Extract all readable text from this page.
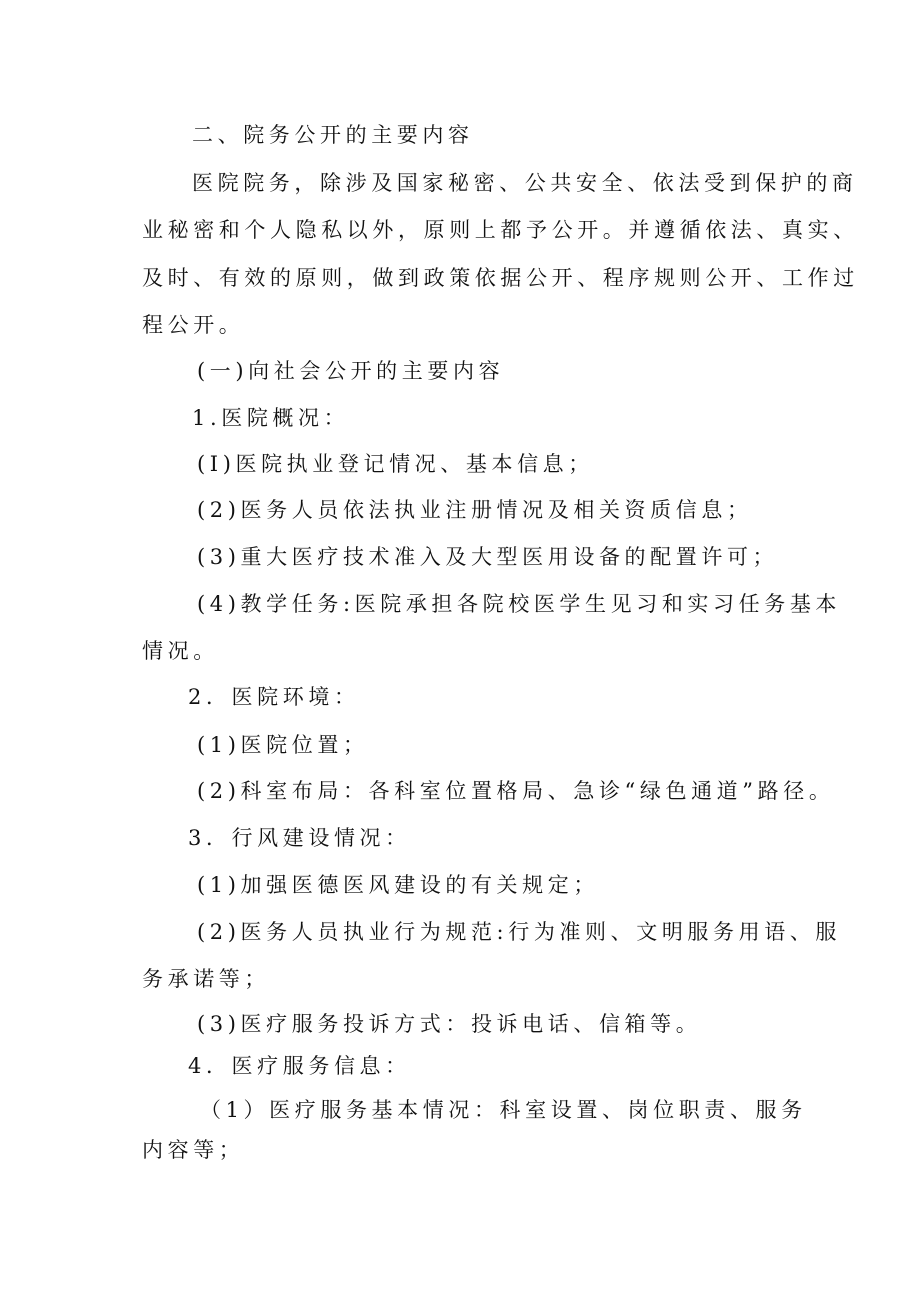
二、院务公开的主要内容
医院院务，除涉及国家秘密、公共安全、依法受到保护的商
业秘密和个人隐私以外，原则上都予公开。并遵循依法、真实、
及时、有效的原则，做到政策依据公开、程序规则公开、工作过
程公开。
(一)向社会公开的主要内容
1.医院概况：
(I)医院执业登记情况、基本信息；
(2)医务人员依法执业注册情况及相关资质信息；
(3)重大医疗技术准入及大型医用设备的配置许可；
(4)教学任务:医院承担各院校医学生见习和实习任务基本
情况。
2．医院环境：
(1)医院位置；
(2)科室布局：各科室位置格局、急诊“绿色通道”路径。
3．行风建设情况：
(1)加强医德医风建设的有关规定；
(2)医务人员执业行为规范:行为准则、文明服务用语、服
务承诺等；
(3)医疗服务投诉方式：投诉电话、信箱等。
4．医疗服务信息：
（1）医疗服务基本情况：科室设置、岗位职责、服务
内容等；
